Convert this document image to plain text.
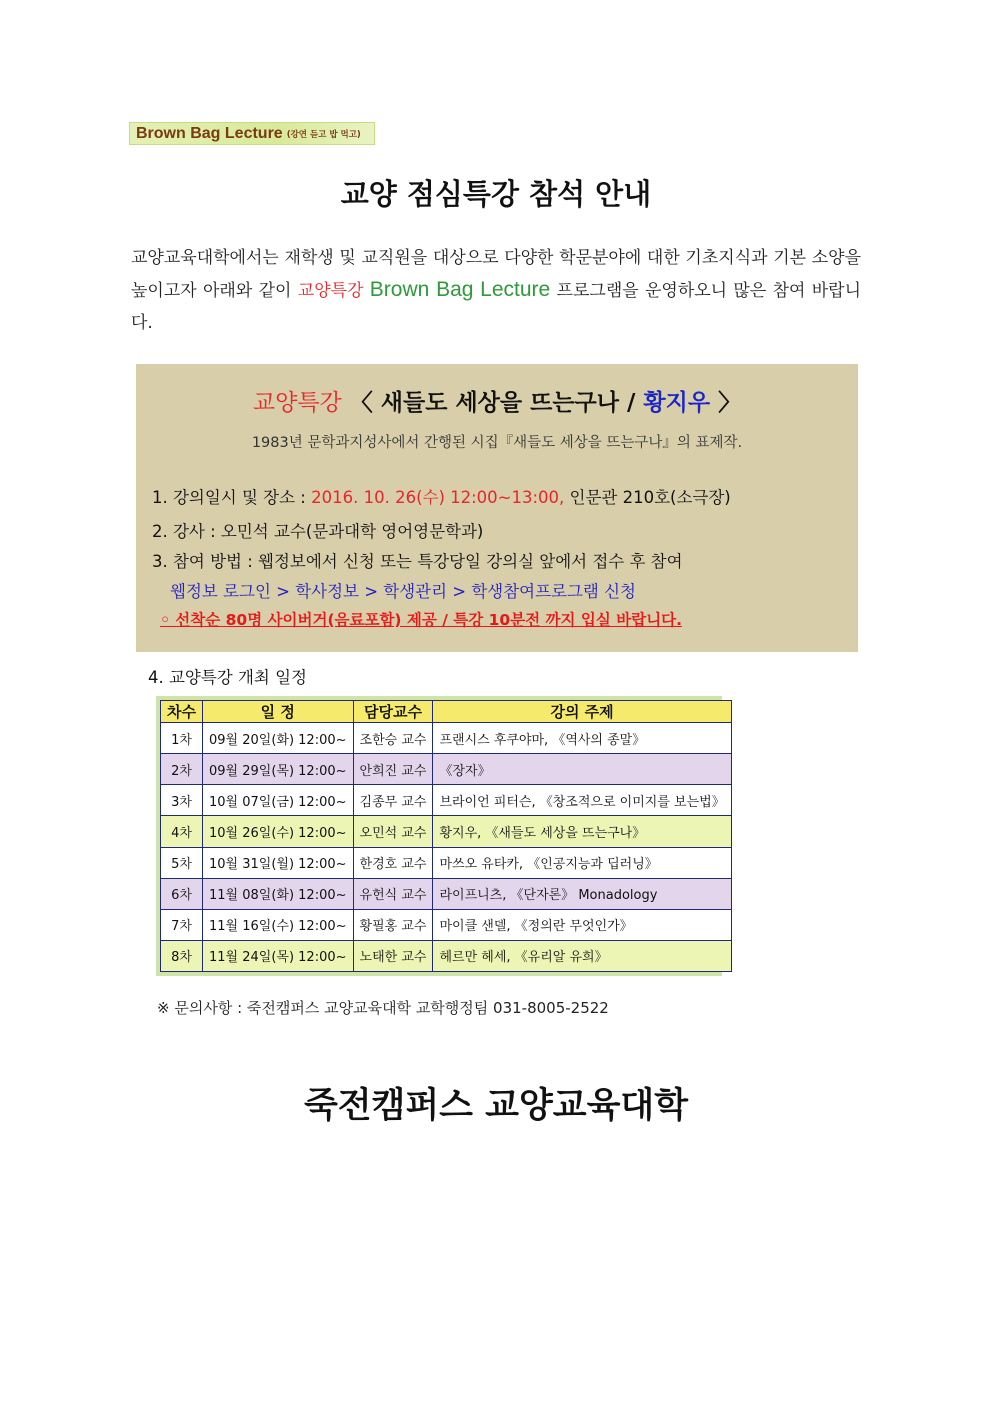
Brown Bag Lecture (강연 듣고 밥 먹고)
교양 점심특강 참석 안내
교양교육대학에서는 재학생 및 교직원을 대상으로 다양한 학문분야에 대한 기초지식과 기본 소양을 높이고자 아래와 같이 교양특강 Brown Bag Lecture 프로그램을 운영하오니 많은 참여 바랍니다.
교양특강 〈 새들도 세상을 뜨는구나 / 황지우 〉
1983년 문학과지성사에서 간행된 시집『새들도 세상을 뜨는구나』의 표제작.
1. 강의일시 및 장소 : 2016. 10. 26(수) 12:00~13:00, 인문관 210호(소극장)
2. 강사 : 오민석 교수(문과대학 영어영문학과)
3. 참여 방법 : 웹정보에서 신청 또는 특강당일 강의실 앞에서 접수 후 참여
웹정보 로그인 > 학사정보 > 학생관리 > 학생참여프로그램 신청
◦ 선착순 80명 사이버거(음료포함) 제공 / 특강 10분전 까지 입실 바랍니다.
4. 교양특강 개최 일정
차수	일 정	담당교수	강의 주제
1차	09월 20일(화) 12:00~	조한승 교수	프랜시스 후쿠야마, 《역사의 종말》
2차	09월 29일(목) 12:00~	안희진 교수	《장자》
3차	10월 07일(금) 12:00~	김종무 교수	브라이언 피터슨, 《창조적으로 이미지를 보는법》
4차	10월 26일(수) 12:00~	오민석 교수	황지우, 《새들도 세상을 뜨는구나》
5차	10월 31일(월) 12:00~	한경호 교수	마쓰오 유타카, 《인공지능과 딥러닝》
6차	11월 08일(화) 12:00~	유헌식 교수	라이프니츠, 《단자론》 Monadology
7차	11월 16일(수) 12:00~	황필홍 교수	마이클 샌델, 《정의란 무엇인가》
8차	11월 24일(목) 12:00~	노태한 교수	헤르만 헤세, 《유리알 유희》
※ 문의사항 : 죽전캠퍼스 교양교육대학 교학행정팀 031-8005-2522
죽전캠퍼스 교양교육대학
